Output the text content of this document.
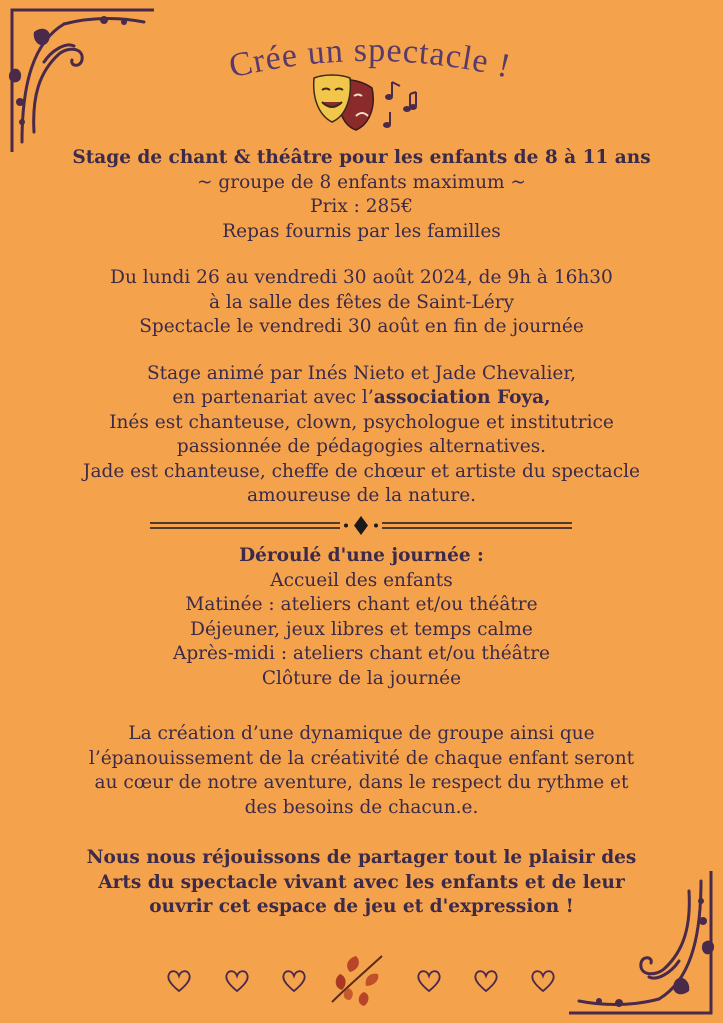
Crée un spectacle !

Stage de chant & théâtre pour les enfants de 8 à 11 ans

~ groupe de 8 enfants maximum ~

Prix : 285€

Repas fournis par les familles

Du lundi 26 au vendredi 30 août 2024, de 9h à 16h30

à la salle des fêtes de Saint-Léry

Spectacle le vendredi 30 août en fin de journée

Stage animé par Inés Nieto et Jade Chevalier,

en partenariat avec l’association Foya,

Inés est chanteuse, clown, psychologue et institutrice

passionnée de pédagogies alternatives.

Jade est chanteuse, cheffe de chœur et artiste du spectacle

amoureuse de la nature.

Déroulé d'une journée :

Accueil des enfants

Matinée : ateliers chant et/ou théâtre

Déjeuner, jeux libres et temps calme

Après-midi : ateliers chant et/ou théâtre

Clôture de la journée

La création d’une dynamique de groupe ainsi que

l’épanouissement de la créativité de chaque enfant seront

au cœur de notre aventure, dans le respect du rythme et

des besoins de chacun.e.

Nous nous réjouissons de partager tout le plaisir des

Arts du spectacle vivant avec les enfants et de leur

ouvrir cet espace de jeu et d'expression !
